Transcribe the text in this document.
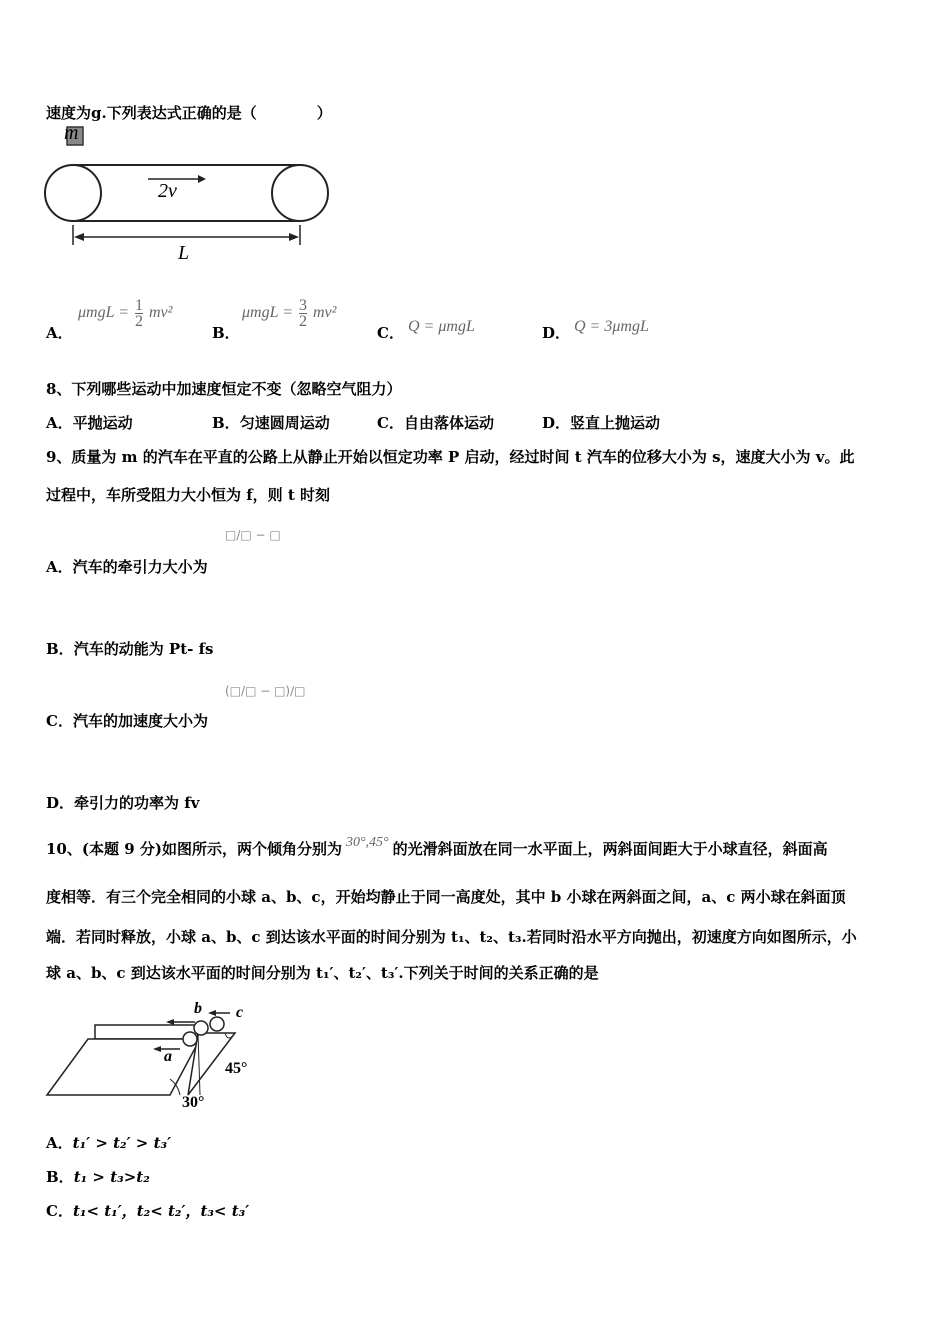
速度为g.下列表达式正确的是（　　　　）
m
2v
L
A．
$\mu mgL = \frac{1}{2} mv^2$
B．
$\mu mgL = \frac{3}{2} mv^2$
C． Q = μmgL	D． Q = 3μmgL
8、下列哪些运动中加速度恒定不变（忽略空气阻力）
A．平抛运动	B．匀速圆周运动	C．自由落体运动	D．竖直上抛运动
9、质量为 m 的汽车在平直的公路上从静止开始以恒定功率 P 启动，经过时间 t 汽车的位移大小为 s，速度大小为 v。此
过程中，车所受阻力大小恒为 f，则 t 时刻
□/□ − □
A．汽车的牵引力大小为
B．汽车的动能为 Pt- fs
(□/□ − □)/□
C．汽车的加速度大小为
D．牵引力的功率为 fv
10、(本题 9 分)如图所示，两个倾角分别为 30°,45° 的光滑斜面放在同一水平面上，两斜面间距大于小球直径，斜面高
度相等．有三个完全相同的小球 a、b、c，开始均静止于同一高度处，其中 b 小球在两斜面之间，a、c 两小球在斜面顶
端．若同时释放，小球 a、b、c 到达该水平面的时间分别为 t₁、t₂、t₃.若同时沿水平方向抛出，初速度方向如图所示，小
球 a、b、c 到达该水平面的时间分别为 t₁′、t₂′、t₃′.下列关于时间的关系正确的是
a
b c
30°
45°
A．t₁′ > t₂′ > t₃′
B．t₁ > t₃>t₂
C．t₁< t₁′，t₂< t₂′，t₃< t₃′
